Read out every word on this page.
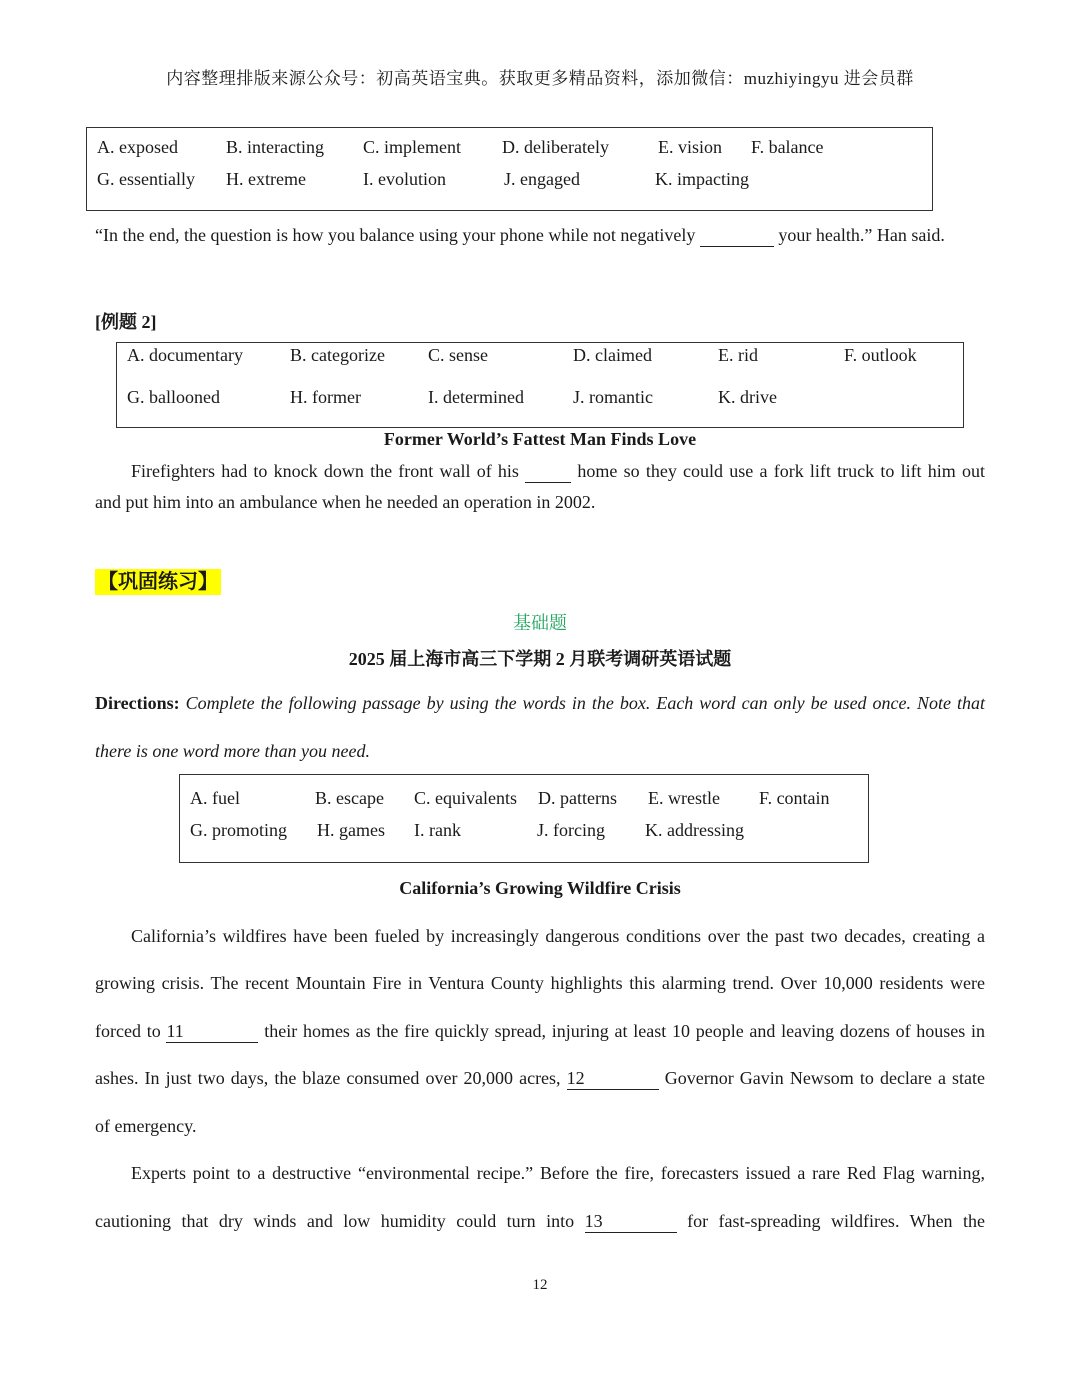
内容整理排版来源公众号：初高英语宝典。获取更多精品资料，添加微信：muzhiyingyu 进会员群
A. exposed	B. interacting C. implement D. deliberately	E. vision F. balance
G. essentially H. extreme	I. evolution	J. engaged	K. impacting
“In the end, the question is how you balance using your phone while not negatively	your health.” Han said.
[例题 2]
A. documentary	B. categorize C. sense	D. claimed	E. rid	F. outlook
G. ballooned	H. former	I. determined	J. romantic	K. drive
Former World’s Fattest Man Finds Love
Firefighters had to knock down the front wall of his	home so they could use a fork lift truck to lift him out
and put him into an ambulance when he needed an operation in 2002.
【巩固练习】
基础题
2025 届上海市高三下学期 2 月联考调研英语试题
Directions: Complete the following passage by using the words in the box. Each word can only be used once. Note that
there is one word more than you need.
A. fuel	B. escape C. equivalents D. patterns E. wrestle F. contain
G. promoting H. games I. rank	J. forcing K. addressing
California’s Growing Wildfire Crisis
California’s wildfires have been fueled by increasingly dangerous conditions over the past two decades, creating a
growing crisis. The recent Mountain Fire in Ventura County highlights this alarming trend. Over 10,000 residents were
forced to 11	their homes as the fire quickly spread, injuring at least 10 people and leaving dozens of houses in
ashes. In just two days, the blaze consumed over 20,000 acres, 12	Governor Gavin Newsom to declare a state
of emergency.
Experts point to a destructive “environmental recipe.” Before the fire, forecasters issued a rare Red Flag warning,
cautioning that dry winds and low humidity could turn into 13	for fast-spreading wildfires. When the
12
